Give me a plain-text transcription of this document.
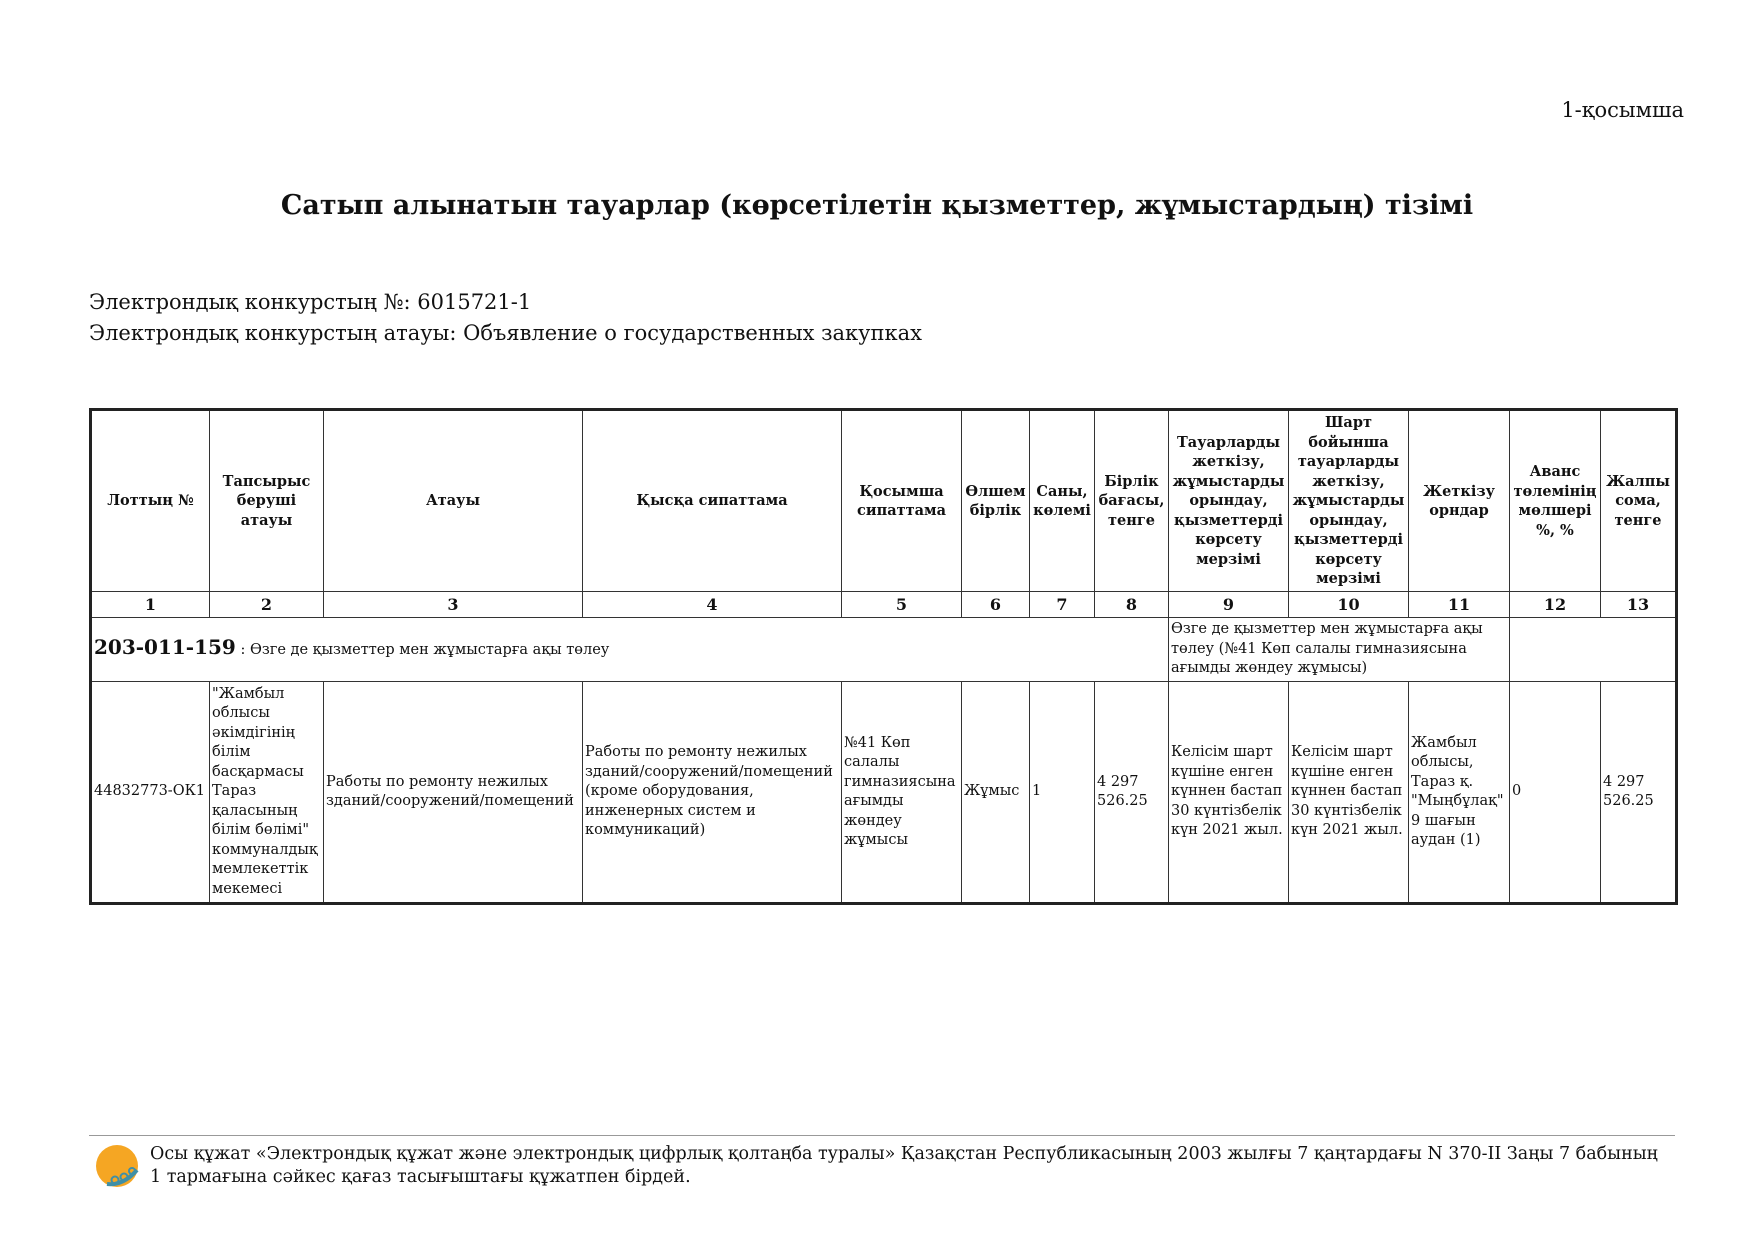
1-қосымша
Сатып алынатын тауарлар (көрсетілетін қызметтер, жұмыстардың) тізімі
Электрондық конкурстың №: 6015721-1
Электрондық конкурстың атауы: Объявление о государственных закупках
Лоттың №	Тапсырыс беруші атауы	Атауы	Қысқа сипаттама	Қосымша сипаттама	Өлшем бірлік	Саны, көлемі	Бірлік бағасы, тенге	Тауарларды жеткізу, жұмыстарды орындау, қызметтерді көрсету мерзімі	Шарт бойынша тауарларды жеткізу, жұмыстарды орындау, қызметтерді көрсету мерзімі	Жеткізу орндар	Аванс төлемінің мөлшері %, %	Жалпы сома, тенге
1	2	3	4	5	6	7	8	9	10	11	12	13
203-011-159 : Өзге де қызметтер мен жұмыстарға ақы төлеу								Өзге де қызметтер мен жұмыстарға ақы төлеу (№41 Көп салалы гимназиясына ағымды жөндеу жұмысы)				
44832773-ОК1	"Жамбыл облысы әкімдігінің білім басқармасы Тараз қаласының білім бөлімі" коммуналдық мемлекеттік мекемесі	Работы по ремонту нежилых зданий/сооружений/помещений	Работы по ремонту нежилых зданий/сооружений/помещений (кроме оборудования, инженерных систем и коммуникаций)	№41 Көп салалы гимназиясына ағымды жөндеу жұмысы	Жұмыс	1	4 297 526.25	Келісім шарт күшіне енген күннен бастап 30 күнтізбелік күн 2021 жыл.	Келісім шарт күшіне енген күннен бастап 30 күнтізбелік күн 2021 жыл.	Жамбыл облысы, Тараз қ. "Мыңбұлақ" 9 шағын аудан (1)	0	4 297 526.25
Осы құжат «Электрондық құжат және электрондық цифрлық қолтаңба туралы» Қазақстан Республикасының 2003 жылғы 7 қаңтардағы N 370-II Заңы 7 бабының 1 тармағына сәйкес қағаз тасығыштағы құжатпен бірдей.
